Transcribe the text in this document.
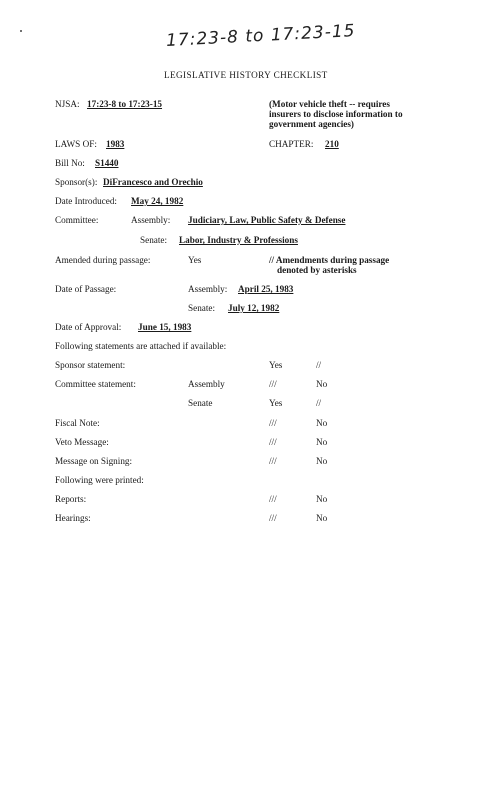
17:23-8 to 17:23-15
LEGISLATIVE HISTORY CHECKLIST
NJSA: 17:23-8 to 17:23-15	(Motor vehicle theft -- requires
insurers to disclose information to
government agencies)
LAWS OF: 1983	CHAPTER: 210
Bill No: S1440
Sponsor(s): DiFrancesco and Orechio
Date Introduced: May 24, 1982
Committee:	Assembly: Judiciary, Law, Public Safety & Defense
Senate: Labor, Industry & Professions
Amended during passage:	Yes	// Amendments during passage
denoted by asterisks
Date of Passage:	Assembly: April 25, 1983
Senate: July 12, 1982
Date of Approval: June 15, 1983
Following statements are attached if available:
Sponsor statement:	Yes	//
Committee statement:	Assembly	///	No
Senate	Yes	//
Fiscal Note:	///	No
Veto Message:	///	No
Message on Signing:	///	No
Following were printed:
Reports:	///	No
Hearings:	///	No
